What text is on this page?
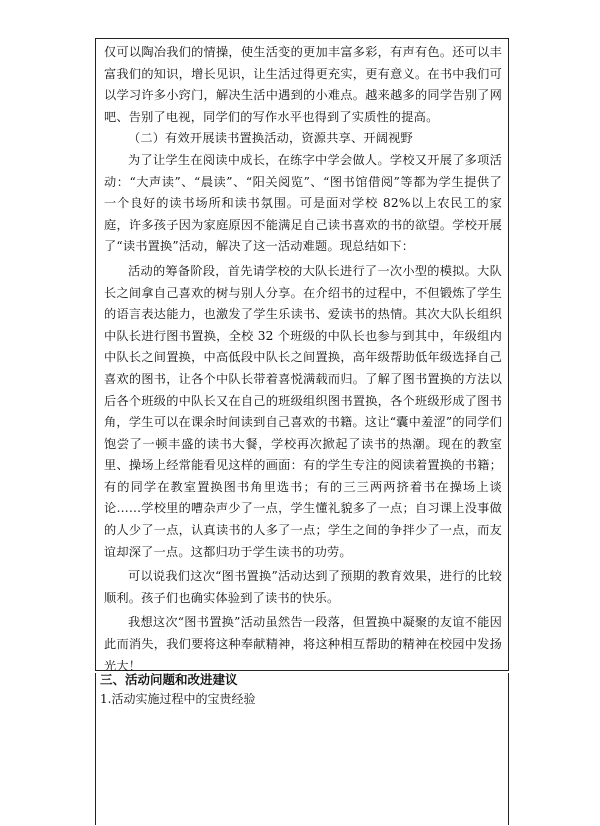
仅可以陶冶我们的情操，使生活变的更加丰富多彩，有声有色。还可以丰富我们的知识，增长见识，让生活过得更充实，更有意义。在书中我们可以学习许多小窍门，解决生活中遇到的小难点。越来越多的同学告别了网吧、告别了电视，同学们的写作水平也得到了实质性的提高。

（二）有效开展读书置换活动，资源共享、开阔视野

为了让学生在阅读中成长，在练字中学会做人。学校又开展了多项活动：“大声读”、“晨读”、“阳关阅览”、“图书馆借阅”等都为学生提供了一个良好的读书场所和读书氛围。可是面对学校 82%以上农民工的家庭，许多孩子因为家庭原因不能满足自己读书喜欢的书的欲望。学校开展了“读书置换”活动，解决了这一活动难题。现总结如下：

活动的筹备阶段，首先请学校的大队长进行了一次小型的模拟。大队长之间拿自己喜欢的树与别人分享。在介绍书的过程中，不但锻炼了学生的语言表达能力，也激发了学生乐读书、爱读书的热情。其次大队长组织中队长进行图书置换，全校 32 个班级的中队长也参与到其中，年级组内中队长之间置换，中高低段中队长之间置换，高年级帮助低年级选择自己喜欢的图书，让各个中队长带着喜悦满载而归。了解了图书置换的方法以后各个班级的中队长又在自己的班级组织图书置换，各个班级形成了图书角，学生可以在课余时间读到自己喜欢的书籍。这让“囊中羞涩”的同学们饱尝了一顿丰盛的读书大餐，学校再次掀起了读书的热潮。现在的教室里、操场上经常能看见这样的画面：有的学生专注的阅读着置换的书籍；有的同学在教室置换图书角里选书；有的三三两两挤着书在操场上谈论……学校里的嘈杂声少了一点，学生懂礼貌多了一点；自习课上没事做的人少了一点，认真读书的人多了一点；学生之间的争拌少了一点，而友谊却深了一点。这都归功于学生读书的功劳。

可以说我们这次“图书置换”活动达到了预期的教育效果，进行的比较顺利。孩子们也确实体验到了读书的快乐。

我想这次“图书置换”活动虽然告一段落，但置换中凝聚的友谊不能因此而消失，我们要将这种奉献精神，将这种相互帮助的精神在校园中发扬光大！

三、活动问题和改进建议
1.活动实施过程中的宝贵经验
